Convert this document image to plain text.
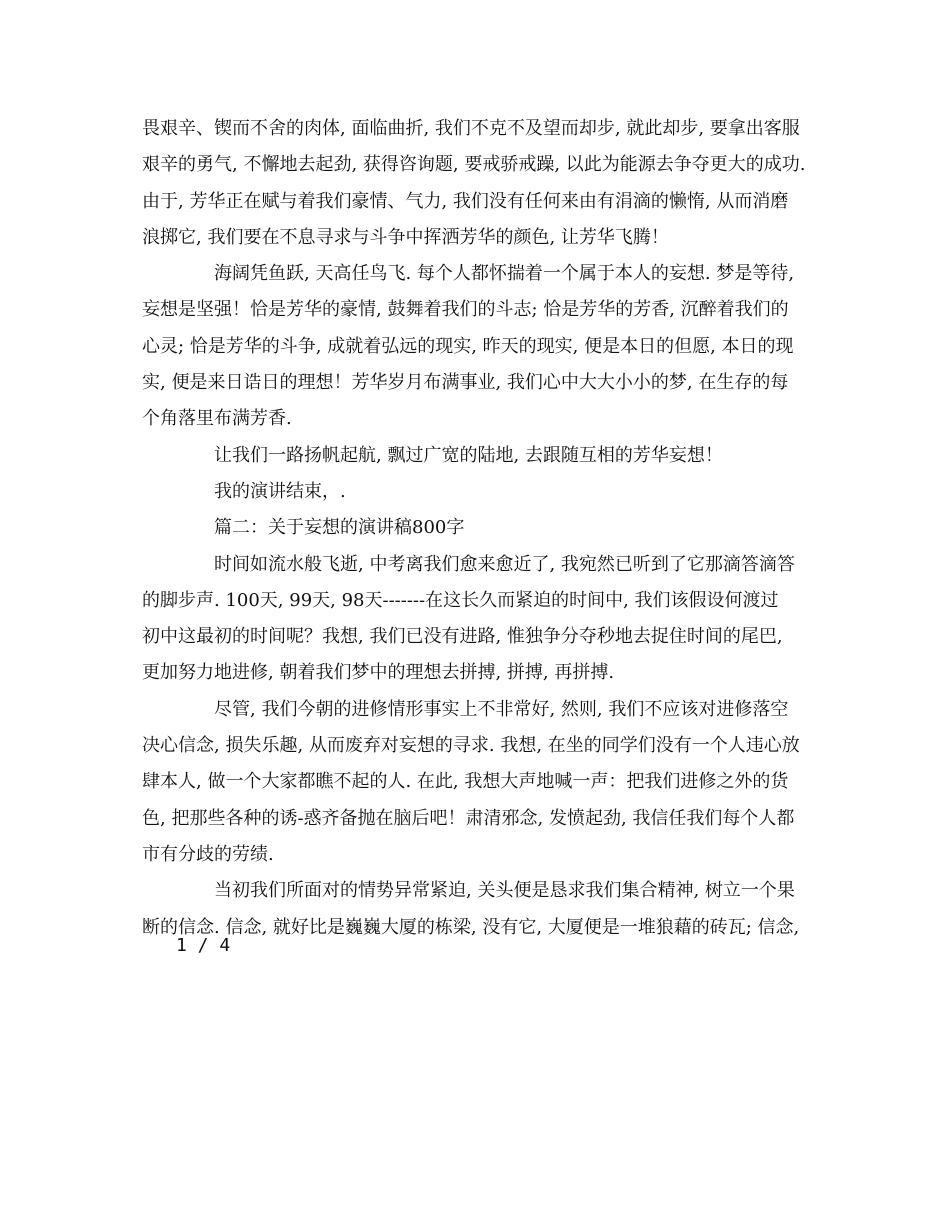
畏艰辛、锲而不舍的肉体, 面临曲折, 我们不克不及望而却步, 就此却步, 要拿出客服
艰辛的勇气, 不懈地去起劲, 获得咨询题, 要戒骄戒躁, 以此为能源去争夺更大的成功.
由于, 芳华正在赋与着我们豪情、气力, 我们没有任何来由有涓滴的懒惰, 从而消磨
浪掷它, 我们要在不息寻求与斗争中挥洒芳华的颜色, 让芳华飞腾！
海阔凭鱼跃, 天高任鸟飞. 每个人都怀揣着一个属于本人的妄想. 梦是等待,
妄想是坚强！恰是芳华的豪情, 鼓舞着我们的斗志; 恰是芳华的芳香, 沉醉着我们的
心灵; 恰是芳华的斗争, 成就着弘远的现实, 昨天的现实, 便是本日的但愿, 本日的现
实, 便是来日诰日的理想！芳华岁月布满事业, 我们心中大大小小的梦, 在生存的每
个角落里布满芳香.
让我们一路扬帆起航, 飘过广宽的陆地, 去跟随互相的芳华妄想！
我的演讲结束，.
篇二：关于妄想的演讲稿800字
时间如流水般飞逝, 中考离我们愈来愈近了, 我宛然已听到了它那滴答滴答
的脚步声. 100天, 99天, 98天-------在这长久而紧迫的时间中, 我们该假设何渡过
初中这最初的时间呢？我想, 我们已没有进路, 惟独争分夺秒地去捉住时间的尾巴,
更加努力地进修, 朝着我们梦中的理想去拼搏, 拼搏, 再拼搏.
尽管, 我们今朝的进修情形事实上不非常好, 然则, 我们不应该对进修落空
决心信念, 损失乐趣, 从而废弃对妄想的寻求. 我想, 在坐的同学们没有一个人违心放
肆本人, 做一个大家都瞧不起的人. 在此, 我想大声地喊一声：把我们进修之外的货
色, 把那些各种的诱-惑齐备抛在脑后吧！肃清邪念, 发愤起劲, 我信任我们每个人都
市有分歧的劳绩.
当初我们所面对的情势异常紧迫, 关头便是恳求我们集合精神, 树立一个果
断的信念. 信念, 就好比是巍巍大厦的栋梁, 没有它, 大厦便是一堆狼藉的砖瓦; 信念,
1 / 4
